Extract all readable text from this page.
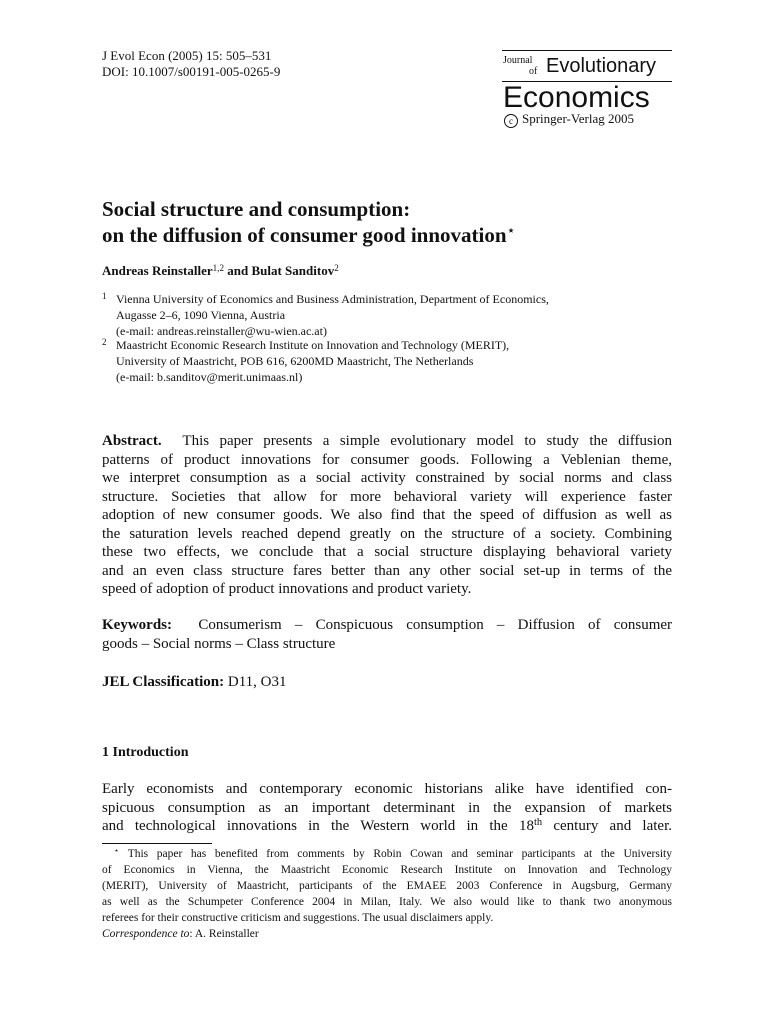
J Evol Econ (2005) 15: 505–531
DOI: 10.1007/s00191-005-0265-9
Journal
of Evolutionary
Economics
c Springer-Verlag 2005
Social structure and consumption:
on the diffusion of consumer good innovation⋆
Andreas Reinstaller$^{1,2}$ and Bulat Sanditov$^2$
1 Vienna University of Economics and Business Administration, Department of Economics,
Augasse 2–6, 1090 Vienna, Austria
(e-mail: andreas.reinstaller@wu-wien.ac.at)
2 Maastricht Economic Research Institute on Innovation and Technology (MERIT),
University of Maastricht, POB 616, 6200MD Maastricht, The Netherlands
(e-mail: b.sanditov@merit.unimaas.nl)
Abstract. This paper presents a simple evolutionary model to study the diffusion
patterns of product innovations for consumer goods. Following a Veblenian theme,
we interpret consumption as a social activity constrained by social norms and class
structure. Societies that allow for more behavioral variety will experience faster
adoption of new consumer goods. We also find that the speed of diffusion as well as
the saturation levels reached depend greatly on the structure of a society. Combining
these two effects, we conclude that a social structure displaying behavioral variety
and an even class structure fares better than any other social set-up in terms of the
speed of adoption of product innovations and product variety.
Keywords: Consumerism – Conspicuous consumption – Diffusion of consumer
goods – Social norms – Class structure
JEL Classification: D11, O31
1 Introduction
Early economists and contemporary economic historians alike have identified con-
spicuous consumption as an important determinant in the expansion of markets
and technological innovations in the Western world in the 18th century and later.
⋆ This paper has benefited from comments by Robin Cowan and seminar participants at the University
of Economics in Vienna, the Maastricht Economic Research Institute on Innovation and Technology
(MERIT), University of Maastricht, participants of the EMAEE 2003 Conference in Augsburg, Germany
as well as the Schumpeter Conference 2004 in Milan, Italy. We also would like to thank two anonymous
referees for their constructive criticism and suggestions. The usual disclaimers apply.
Correspondence to: A. Reinstaller
